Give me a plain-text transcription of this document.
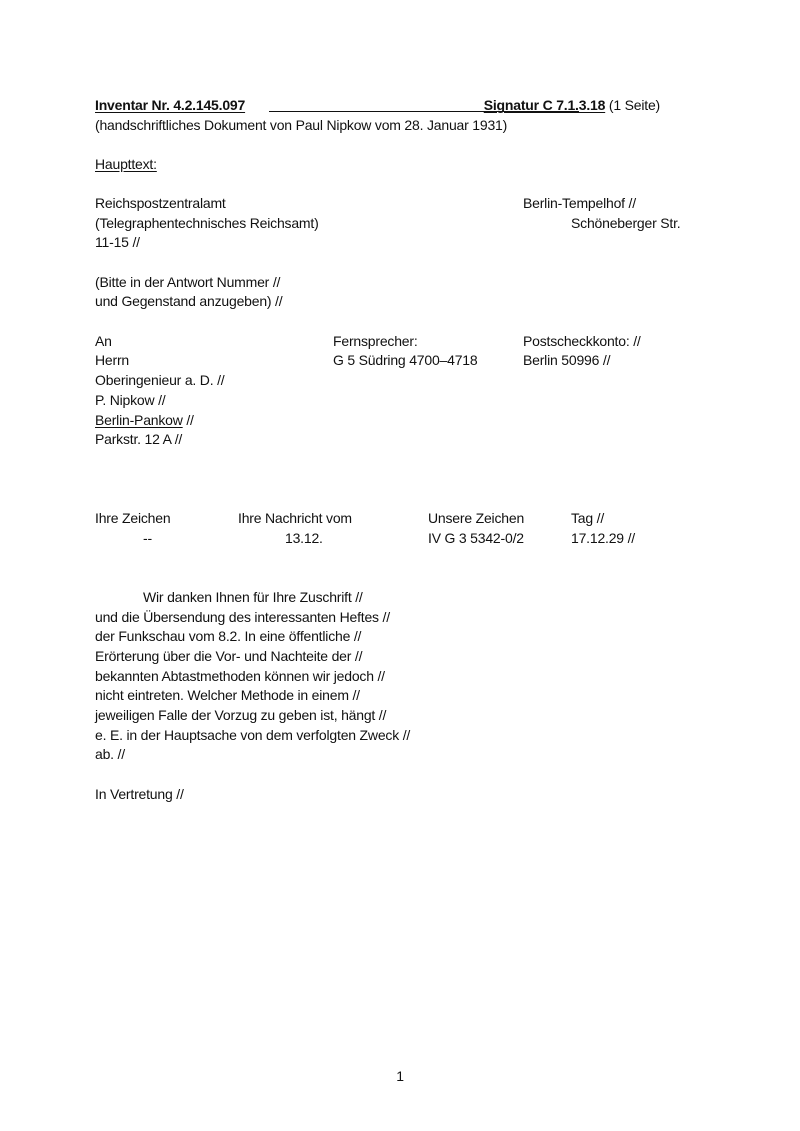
Inventar Nr. 4.2.145.097	Signatur C 7.1.3.18 (1 Seite)
(handschriftliches Dokument von Paul Nipkow vom 28. Januar 1931)
Haupttext:
Reichspostzentralamt	Berlin-Tempelhof //
(Telegraphentechnisches Reichsamt)	Schöneberger Str.
11-15 //
(Bitte in der Antwort Nummer //
und Gegenstand anzugeben) //
An	Fernsprecher:	Postscheckkonto: //
Herrn	G 5 Südring 4700–4718	Berlin 50996 //
Oberingenieur a. D. //
P. Nipkow //
Berlin-Pankow //
Parkstr. 12 A //
Ihre Zeichen	Ihre Nachricht vom	Unsere Zeichen	Tag //
--	13.12.	IV G 3 5342-0/2	17.12.29 //
Wir danken Ihnen für Ihre Zuschrift //
und die Übersendung des interessanten Heftes //
der Funkschau vom 8.2. In eine öffentliche //
Erörterung über die Vor- und Nachteite der //
bekannten Abtastmethoden können wir jedoch //
nicht eintreten. Welcher Methode in einem //
jeweiligen Falle der Vorzug zu geben ist, hängt //
e. E. in der Hauptsache von dem verfolgten Zweck //
ab. //
In Vertretung //
1
